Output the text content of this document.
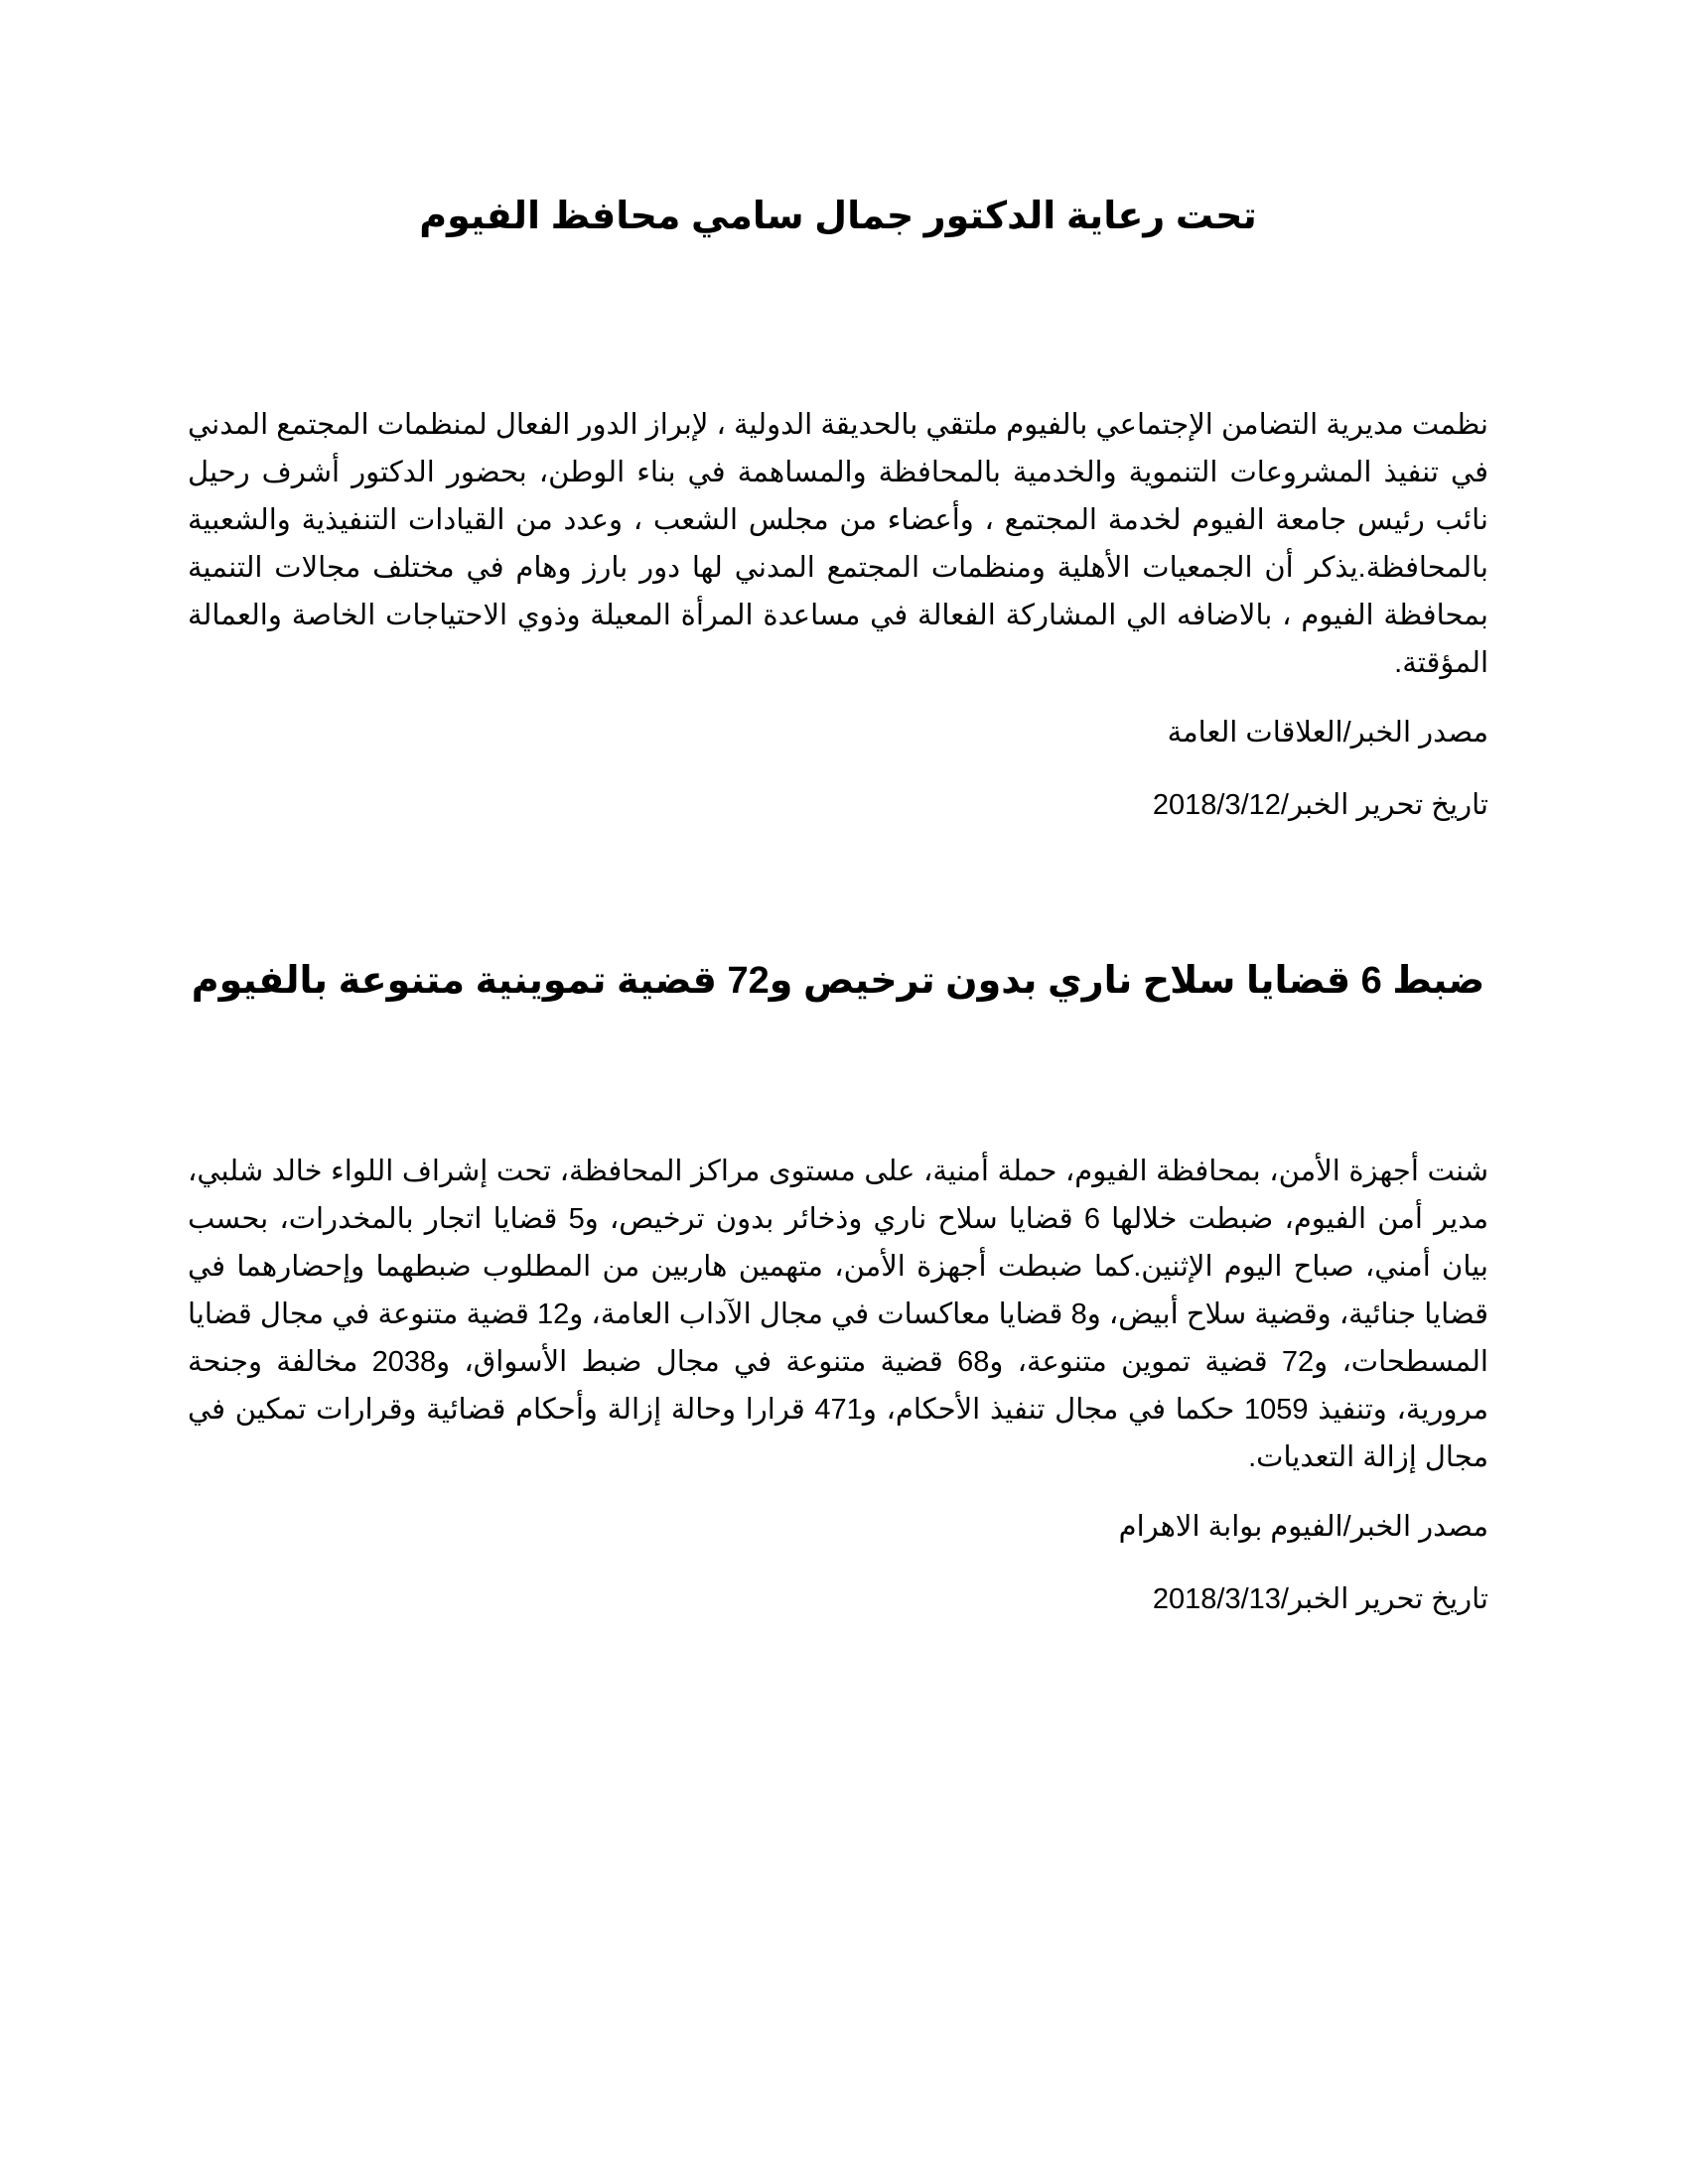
تحت رعاية الدكتور جمال سامي محافظ الفيوم

نظمت مديرية التضامن الإجتماعي بالفيوم ملتقي بالحديقة الدولية ، لإبراز الدور الفعال لمنظمات المجتمع المدني في تنفيذ المشروعات التنموية والخدمية بالمحافظة والمساهمة في بناء الوطن، بحضور الدكتور أشرف رحيل نائب رئيس جامعة الفيوم لخدمة المجتمع ، وأعضاء من مجلس الشعب ، وعدد من القيادات التنفيذية والشعبية بالمحافظة.يذكر أن الجمعيات الأهلية ومنظمات المجتمع المدني لها دور بارز وهام في مختلف مجالات التنمية بمحافظة الفيوم ، بالاضافه الي المشاركة الفعالة في مساعدة المرأة المعيلة وذوي الاحتياجات الخاصة والعمالة المؤقتة.

مصدر الخبر/العلاقات العامة

تاريخ تحرير الخبر/2018/3/12

ضبط 6 قضايا سلاح ناري بدون ترخيص و72 قضية تموينية متنوعة بالفيوم

شنت أجهزة الأمن، بمحافظة الفيوم، حملة أمنية، على مستوى مراكز المحافظة، تحت إشراف اللواء خالد شلبي، مدير أمن الفيوم، ضبطت خلالها 6 قضايا سلاح ناري وذخائر بدون ترخيص، و5 قضايا اتجار بالمخدرات، بحسب بيان أمني، صباح اليوم الإثنين.كما ضبطت أجهزة الأمن، متهمين هاربين من المطلوب ضبطهما وإحضارهما في قضايا جنائية، وقضية سلاح أبيض، و8 قضايا معاكسات في مجال الآداب العامة، و12 قضية متنوعة في مجال قضايا المسطحات، و72 قضية تموين متنوعة، و68 قضية متنوعة في مجال ضبط الأسواق، و2038 مخالفة وجنحة مرورية، وتنفيذ 1059 حكما في مجال تنفيذ الأحكام، و471 قرارا وحالة إزالة وأحكام قضائية وقرارات تمكين في مجال إزالة التعديات.

مصدر الخبر/الفيوم بوابة الاهرام

تاريخ تحرير الخبر/2018/3/13
